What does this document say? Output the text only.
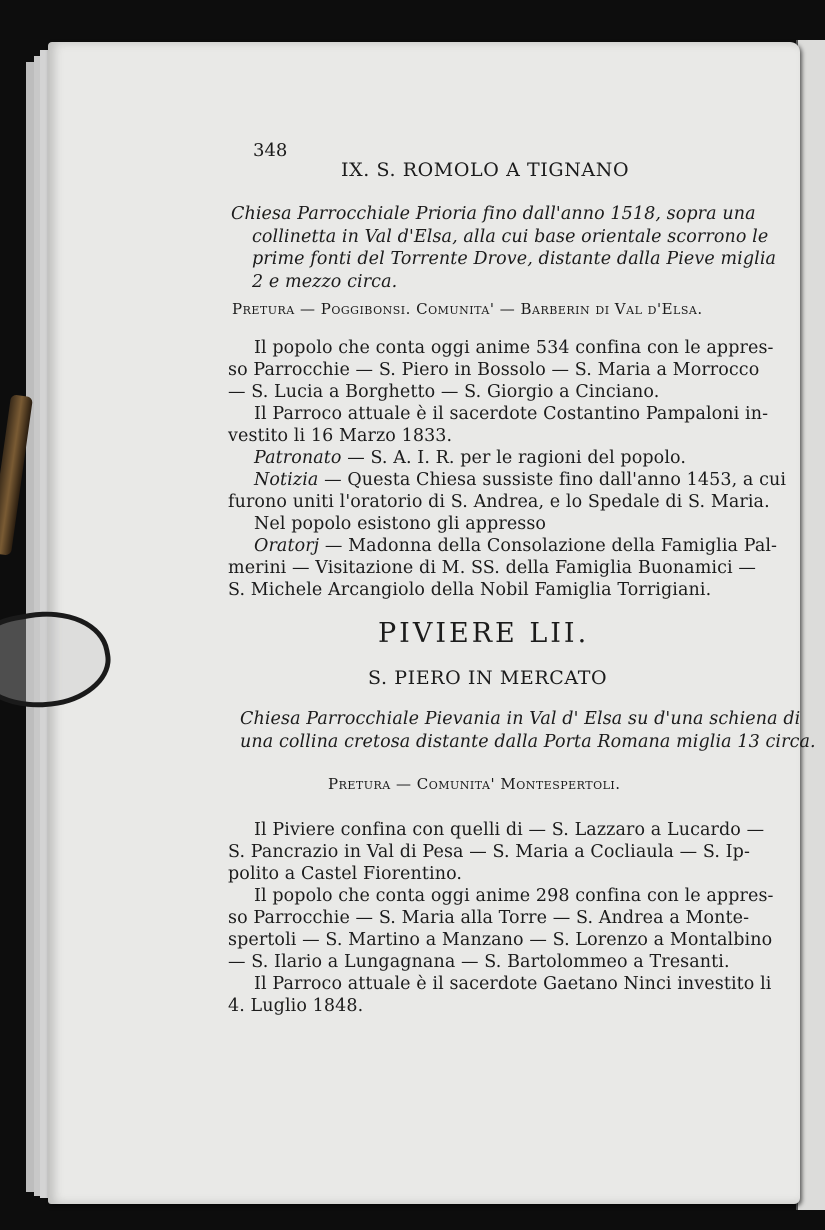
348
IX. S. ROMOLO A TIGNANO
Chiesa Parrocchiale Prioria fino dall'anno 1518, sopra una
collinetta in Val d'Elsa, alla cui base orientale scorrono le
prime fonti del Torrente Drove, distante dalla Pieve miglia
2 e mezzo circa.
Pretura — Poggibonsi. Comunita' — Barberin di Val d'Elsa.
Il popolo che conta oggi anime 534 confina con le appres-
so Parrocchie — S. Piero in Bossolo — S. Maria a Morrocco
— S. Lucia a Borghetto — S. Giorgio a Cinciano.
Il Parroco attuale è il sacerdote Costantino Pampaloni in-
vestito li 16 Marzo 1833.
Patronato — S. A. I. R. per le ragioni del popolo.
Notizia — Questa Chiesa sussiste fino dall'anno 1453, a cui
furono uniti l'oratorio di S. Andrea, e lo Spedale di S. Maria.
Nel popolo esistono gli appresso
Oratorj — Madonna della Consolazione della Famiglia Pal-
merini — Visitazione di M. SS. della Famiglia Buonamici —
S. Michele Arcangiolo della Nobil Famiglia Torrigiani.
PIVIERE LII.
S. PIERO IN MERCATO
Chiesa Parrocchiale Pievania in Val d' Elsa su d'una schiena di
una collina cretosa distante dalla Porta Romana miglia 13 circa.
Pretura — Comunita' Montespertoli.
Il Piviere confina con quelli di — S. Lazzaro a Lucardo —
S. Pancrazio in Val di Pesa — S. Maria a Cocliaula — S. Ip-
polito a Castel Fiorentino.
Il popolo che conta oggi anime 298 confina con le appres-
so Parrocchie — S. Maria alla Torre — S. Andrea a Monte-
spertoli — S. Martino a Manzano — S. Lorenzo a Montalbino
— S. Ilario a Lungagnana — S. Bartolommeo a Tresanti.
Il Parroco attuale è il sacerdote Gaetano Ninci investito li
4. Luglio 1848.
